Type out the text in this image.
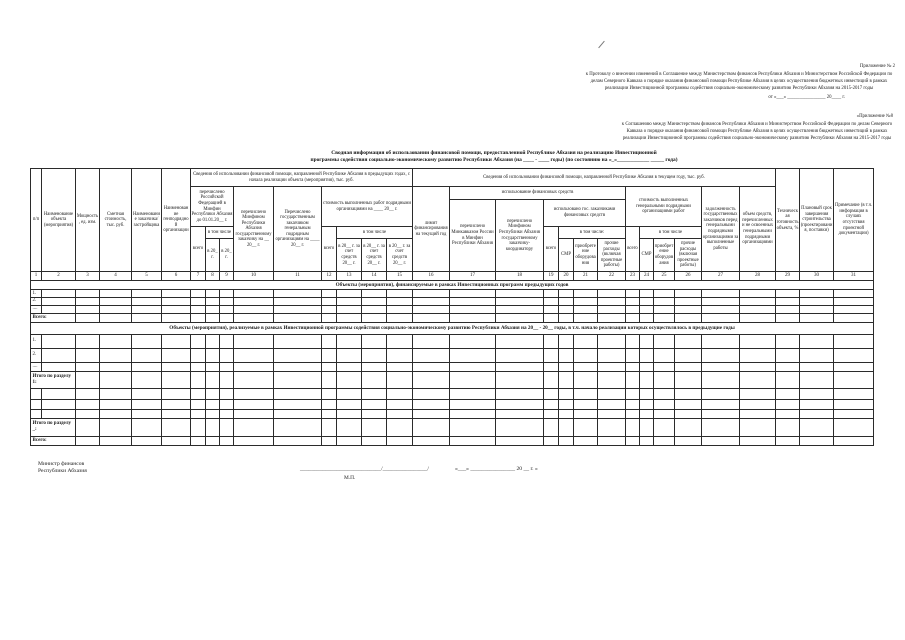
Приложение № 2
к Протоколу о внесении изменений в Соглашение между Министерством финансов Республики Абхазия и Министерством Российской Федерации по делам Северного Кавказа о порядке оказания финансовой помощи Республике Абхазия в целях осуществления бюджетных инвестиций в рамках реализации Инвестиционной программы содействия социально-экономическому развитию Республики Абхазия на 2015-2017 годы
от «___» ________________ 20____ г.
«Приложение №8
к Соглашению между Министерством финансов Республики Абхазия и Министерством Российской Федерации по делам Северного Кавказа о порядке оказания финансовой помощи Республике Абхазия в целях осуществления бюджетных инвестиций в рамках реализации Инвестиционной программы содействия социально-экономическому развитию Республики Абхазия на 2015-2017 годы
Сводная информация об использовании финансовой помощи, предоставленной Республике Абхазия на реализацию Инвестиционной
программы содействия социально-экономическому развитию Республики Абхазия (на ____ - ____ годы) (по состоянию на «_»____________ _____ года)
п/п	Наименование объекта (мероприятия)	Мощность, ед. изм.	Сметная стоимость, тыс. руб.	Наименование заказчика/ застройщика	Наименование генподрядной организации	Сведения об использовании финансовой помощи, направленной Республике Абхазия в предыдущих годах, с начала реализации объекта (мероприятия), тыс. руб.									Сведения об использовании финансовой помощи, направленной Республике Абхазия в текущем году, тыс. руб.													Техническая готовность объекта, %	Плановый срок завершения строительства (проектирования, поставки)	Примечание (в т.ч. информация в случаях отсутствия проектной документации)
						перечислено Российской Федерацией в Минфин Республики Абхазия до 01.01.20__ г.			перечислено Минфином Республики Абхазия государственному заказчику на __ 20__ г.	Перечислено государственным заказчиком генеральным подрядным организациям на ____ 20__ г.	стоимость выполненных работ подрядными организациями на ____ 20__ г.				лимит финансирования на текущий год	использование финансовых средств						стоимость выполненных генеральными подрядными организациями работ				задолженность государственных заказчиков перед генеральными подрядными организациями за выполненные работы	объем средств, перечисленных и не освоенных генеральными подрядными организациями			
																перечислено Минкавказом России в Минфин Республики Абхазия	перечислено Минфином Республики Абхазия государственному заказчику-координатору	использовано гос. заказчиками финансовых средств												
						всего	в том числе				всего	в том числе						всего	в том числе:			всего	в том числе							
							в 20_ г.	в 20_ г.				в 20__ г. за счет средств 20__ г.	в 20__ г. за счет средств 20__ г.	в 20__ г. за счет средств 20__ г.					СМР	приобретение оборудования	прочие расходы (включая проектные работы)		СМР	приобретение оборудования	прочие расходы (включая проектные работы)					
1	2	3	4	5	6	7	8	9	10	11	12	13	14	15	16	17	18	19	20	21	22	23	24	25	26	27	28	29	30	31
Объекты (мероприятия), финансируемые в рамках Инвестиционных программ предыдущих годов																														
1.																														
2.																														
....																														
Всего:																														
Объекты (мероприятия), реализуемые в рамках Инвестиционной программы содействия социально-экономическому развитию Республики Абхазия на 20__ - 20__ годы, в т.ч. начало реализации которых осуществлялось в предыдущие годы																														
1.																														
2.																														
....																														
Итого по разделу 1:																														

Итого по разделу _:																														
Всего:																														
Министр финансов
Республики Абхазия	_____________________________/________________/	«___» ________________ 20 __ г. »
М.П.
